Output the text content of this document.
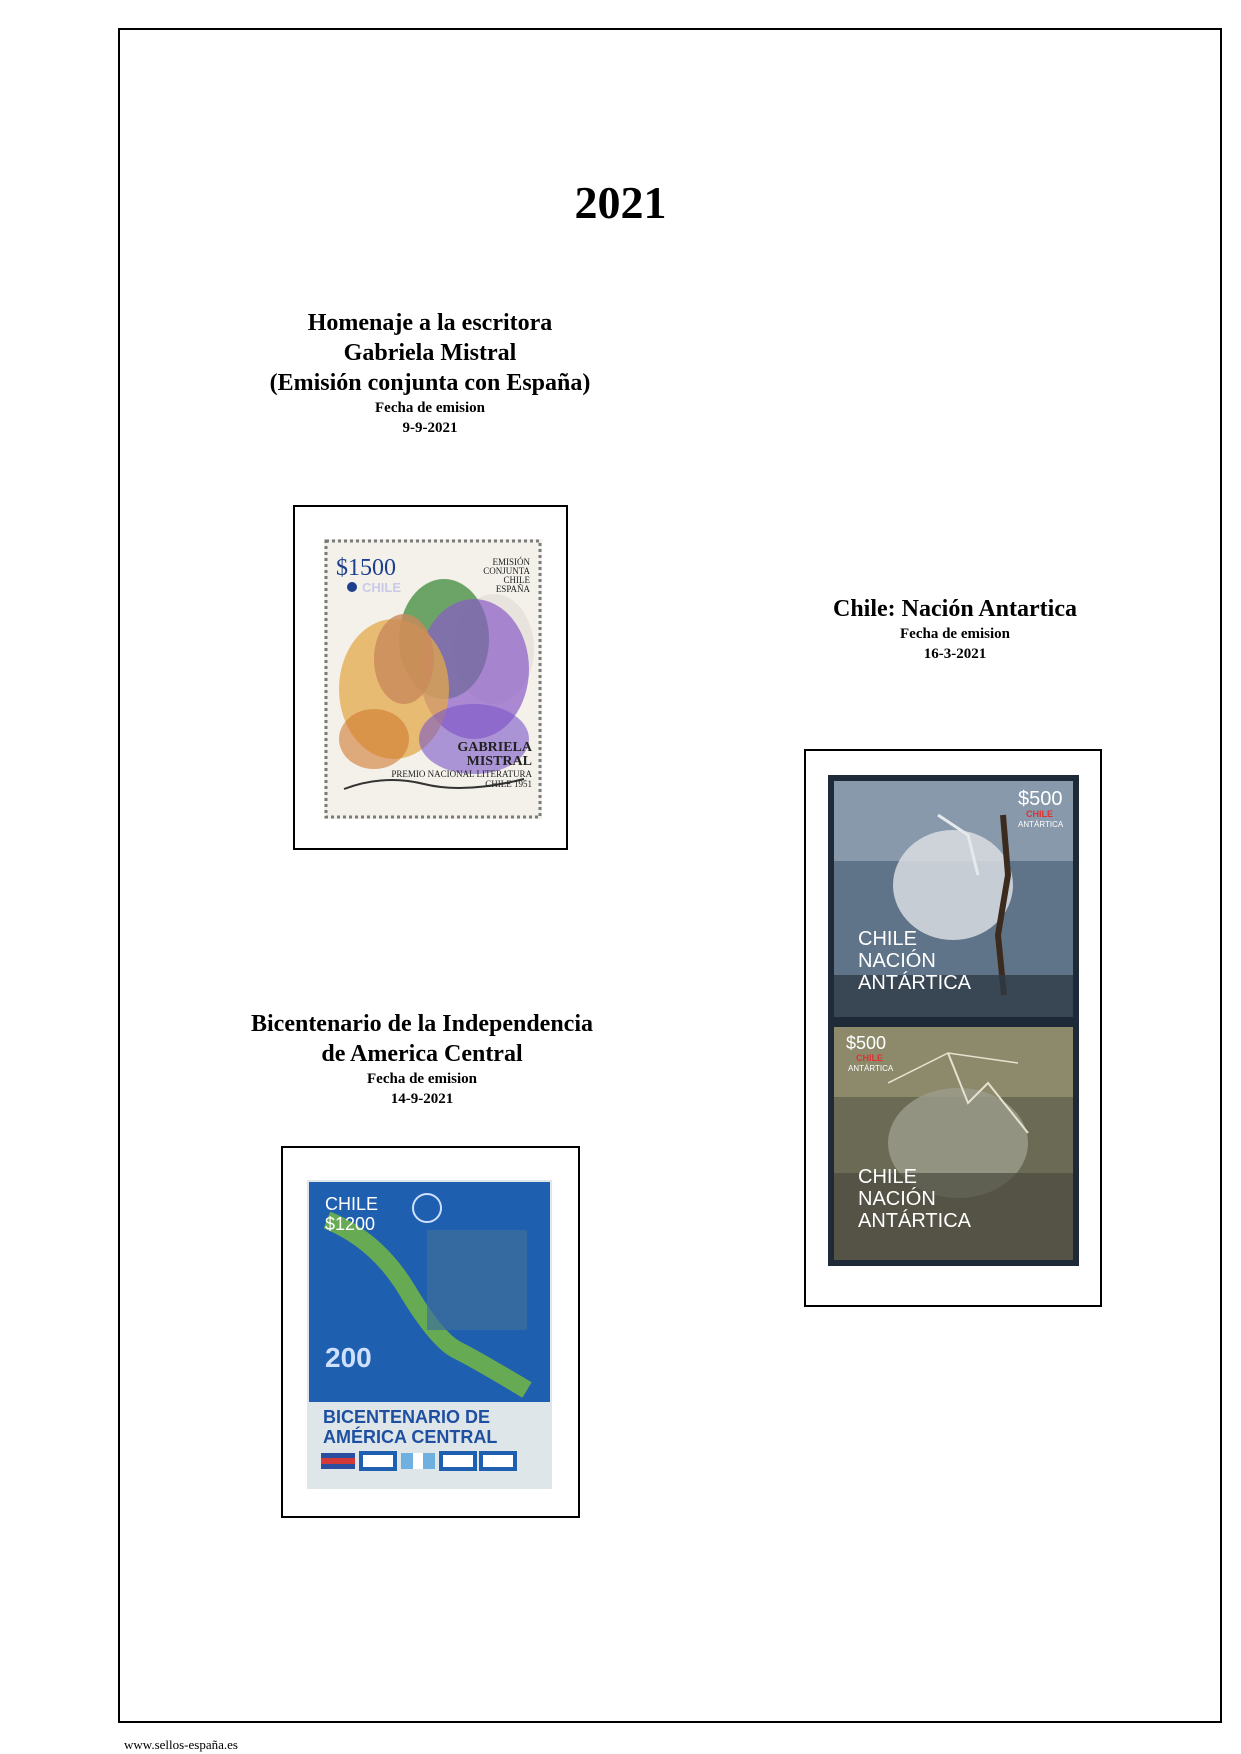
2021
Homenaje a la escritora
Gabriela Mistral
(Emisión conjunta con España)
Fecha de emision
9-9-2021
$1500
CHILE
EMISIÓN
CONJUNTA
CHILE
ESPAÑA
GABRIELA
MISTRAL
PREMIO NACIONAL LITERATURA
CHILE 1951
Chile: Nación Antartica
Fecha de emision
16-3-2021
$500
CHILE
ANTÁRTICA
CHILE
NACIÓN
ANTÁRTICA
$500
CHILE
ANTÁRTICA
CHILE
NACIÓN
ANTÁRTICA
Bicentenario de la Independencia
de America Central
Fecha de emision
14-9-2021
CHILE
$1200
200
BICENTENARIO DE
AMÉRICA CENTRAL
www.sellos-españa.es
